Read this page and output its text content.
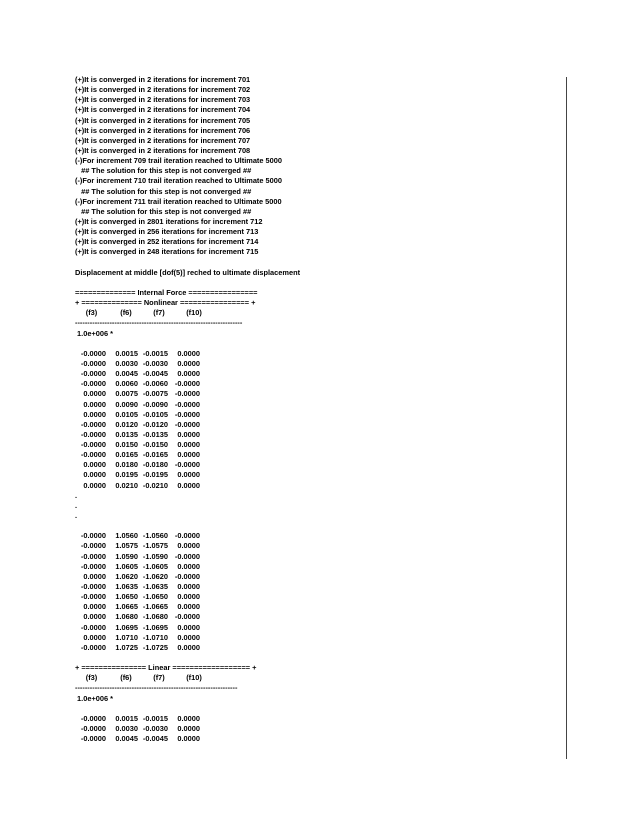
(+)It is converged in 2 iterations for increment 701
(+)It is converged in 2 iterations for increment 702
(+)It is converged in 2 iterations for increment 703
(+)It is converged in 2 iterations for increment 704
(+)It is converged in 2 iterations for increment 705
(+)It is converged in 2 iterations for increment 706
(+)It is converged in 2 iterations for increment 707
(+)It is converged in 2 iterations for increment 708
(-)For increment 709 trail iteration reached to Ultimate 5000
## The solution for this step is not converged ##
(-)For increment 710 trail iteration reached to Ultimate 5000
## The solution for this step is not converged ##
(-)For increment 711 trail iteration reached to Ultimate 5000
## The solution for this step is not converged ##
(+)It is converged in 2801 iterations for increment 712
(+)It is converged in 256 iterations for increment 713
(+)It is converged in 252 iterations for increment 714
(+)It is converged in 248 iterations for increment 715
Displacement at middle [dof(5)] reched to ultimate displacement
============== Internal Force ================
+ ============== Nonlinear ================ +
(f3)	(f6)	(f7)	(f10)
--------------------------------------------------------------------
1.0e+006 *
-0.0000 0.0015 -0.0015 0.0000
-0.0000 0.0030 -0.0030 0.0000
-0.0000 0.0045 -0.0045 0.0000
-0.0000 0.0060 -0.0060 -0.0000
0.0000 0.0075 -0.0075 -0.0000
0.0000 0.0090 -0.0090 -0.0000
0.0000 0.0105 -0.0105 -0.0000
-0.0000 0.0120 -0.0120 -0.0000
-0.0000 0.0135 -0.0135 0.0000
-0.0000 0.0150 -0.0150 0.0000
-0.0000 0.0165 -0.0165 0.0000
0.0000 0.0180 -0.0180 -0.0000
0.0000 0.0195 -0.0195 0.0000
0.0000 0.0210 -0.0210 0.0000
.
.
.
-0.0000 1.0560 -1.0560 -0.0000
-0.0000 1.0575 -1.0575 0.0000
-0.0000 1.0590 -1.0590 -0.0000
-0.0000 1.0605 -1.0605 0.0000
0.0000 1.0620 -1.0620 -0.0000
-0.0000 1.0635 -1.0635 0.0000
-0.0000 1.0650 -1.0650 0.0000
0.0000 1.0665 -1.0665 0.0000
0.0000 1.0680 -1.0680 -0.0000
-0.0000 1.0695 -1.0695 0.0000
0.0000 1.0710 -1.0710 0.0000
-0.0000 1.0725 -1.0725 0.0000
+ =============== Linear ================== +
(f3)	(f6)	(f7)	(f10)
------------------------------------------------------------------
1.0e+006 *
-0.0000 0.0015 -0.0015 0.0000
-0.0000 0.0030 -0.0030 0.0000
-0.0000 0.0045 -0.0045 0.0000
